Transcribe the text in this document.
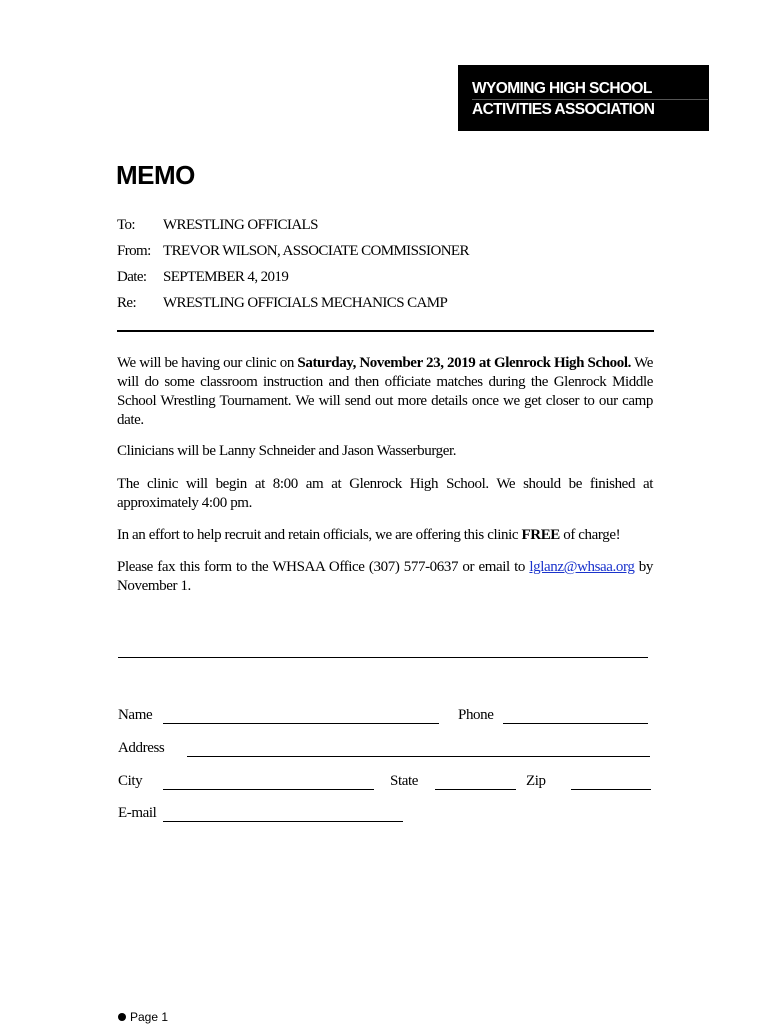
WYOMING HIGH SCHOOL
ACTIVITIES ASSOCIATION
MEMO
To: WRESTLING OFFICIALS
From: TREVOR WILSON, ASSOCIATE COMMISSIONER
Date: SEPTEMBER 4, 2019
Re: WRESTLING OFFICIALS MECHANICS CAMP
We will be having our clinic on Saturday, November 23, 2019 at Glenrock High School. We will do some classroom instruction and then officiate matches during the Glenrock Middle School Wrestling Tournament. We will send out more details once we get closer to our camp date.
Clinicians will be Lanny Schneider and Jason Wasserburger.
The clinic will begin at 8:00 am at Glenrock High School. We should be finished at approximately 4:00 pm.
In an effort to help recruit and retain officials, we are offering this clinic FREE of charge!
Please fax this form to the WHSAA Office (307) 577-0637 or email to lglanz@whsaa.org by November 1.
Name	Phone
Address
City	State	Zip
E-mail
Page 1
